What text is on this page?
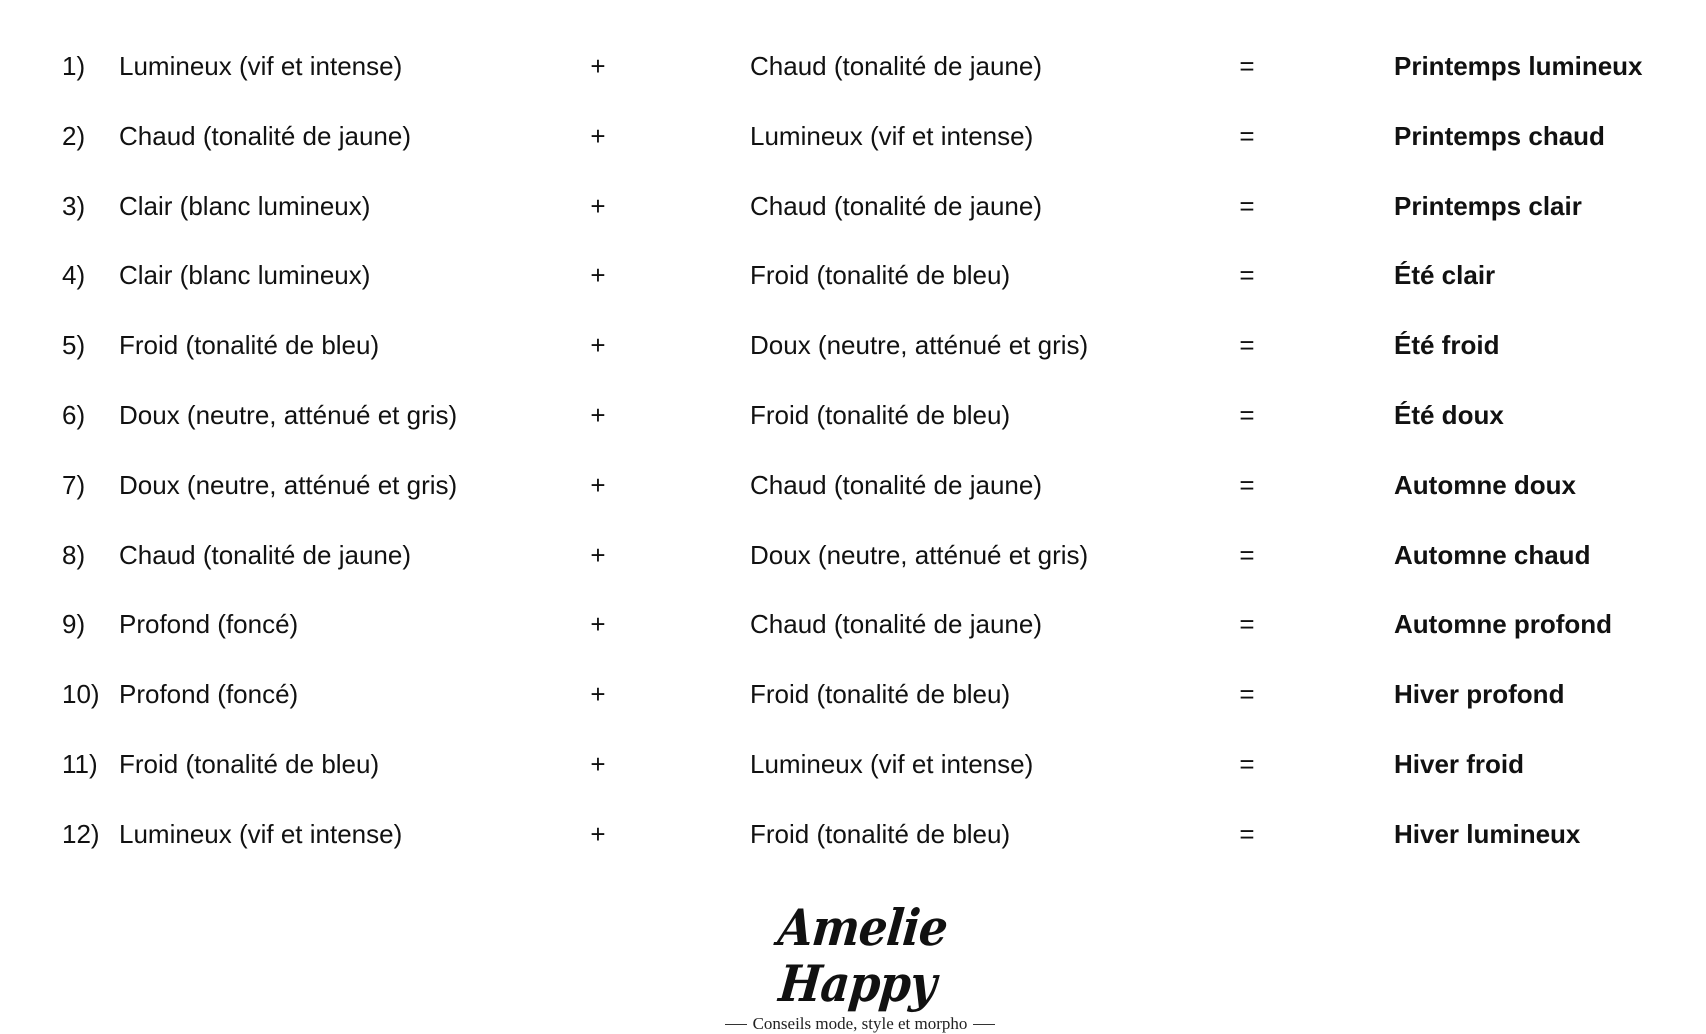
1) Lumineux (vif et intense)	+	Chaud (tonalité de jaune)	=	Printemps lumineux
2) Chaud (tonalité de jaune)	+	Lumineux (vif et intense)	=	Printemps chaud
3) Clair (blanc lumineux)	+	Chaud (tonalité de jaune)	=	Printemps clair
4) Clair (blanc lumineux)	+	Froid (tonalité de bleu)	=	Été clair
5) Froid (tonalité de bleu)	+	Doux (neutre, atténué et gris)	=	Été froid
6) Doux (neutre, atténué et gris)	+	Froid (tonalité de bleu)	=	Été doux
7) Doux (neutre, atténué et gris)	+	Chaud (tonalité de jaune)	=	Automne doux
8) Chaud (tonalité de jaune)	+	Doux (neutre, atténué et gris)	=	Automne chaud
9) Profond (foncé)	+	Chaud (tonalité de jaune)	=	Automne profond
10) Profond (foncé)	+	Froid (tonalité de bleu)	=	Hiver profond
11) Froid (tonalité de bleu)	+	Lumineux (vif et intense)	=	Hiver froid
12) Lumineux (vif et intense)	+	Froid (tonalité de bleu)	=	Hiver lumineux
Amelie Happy
Conseils mode, style et morpho
